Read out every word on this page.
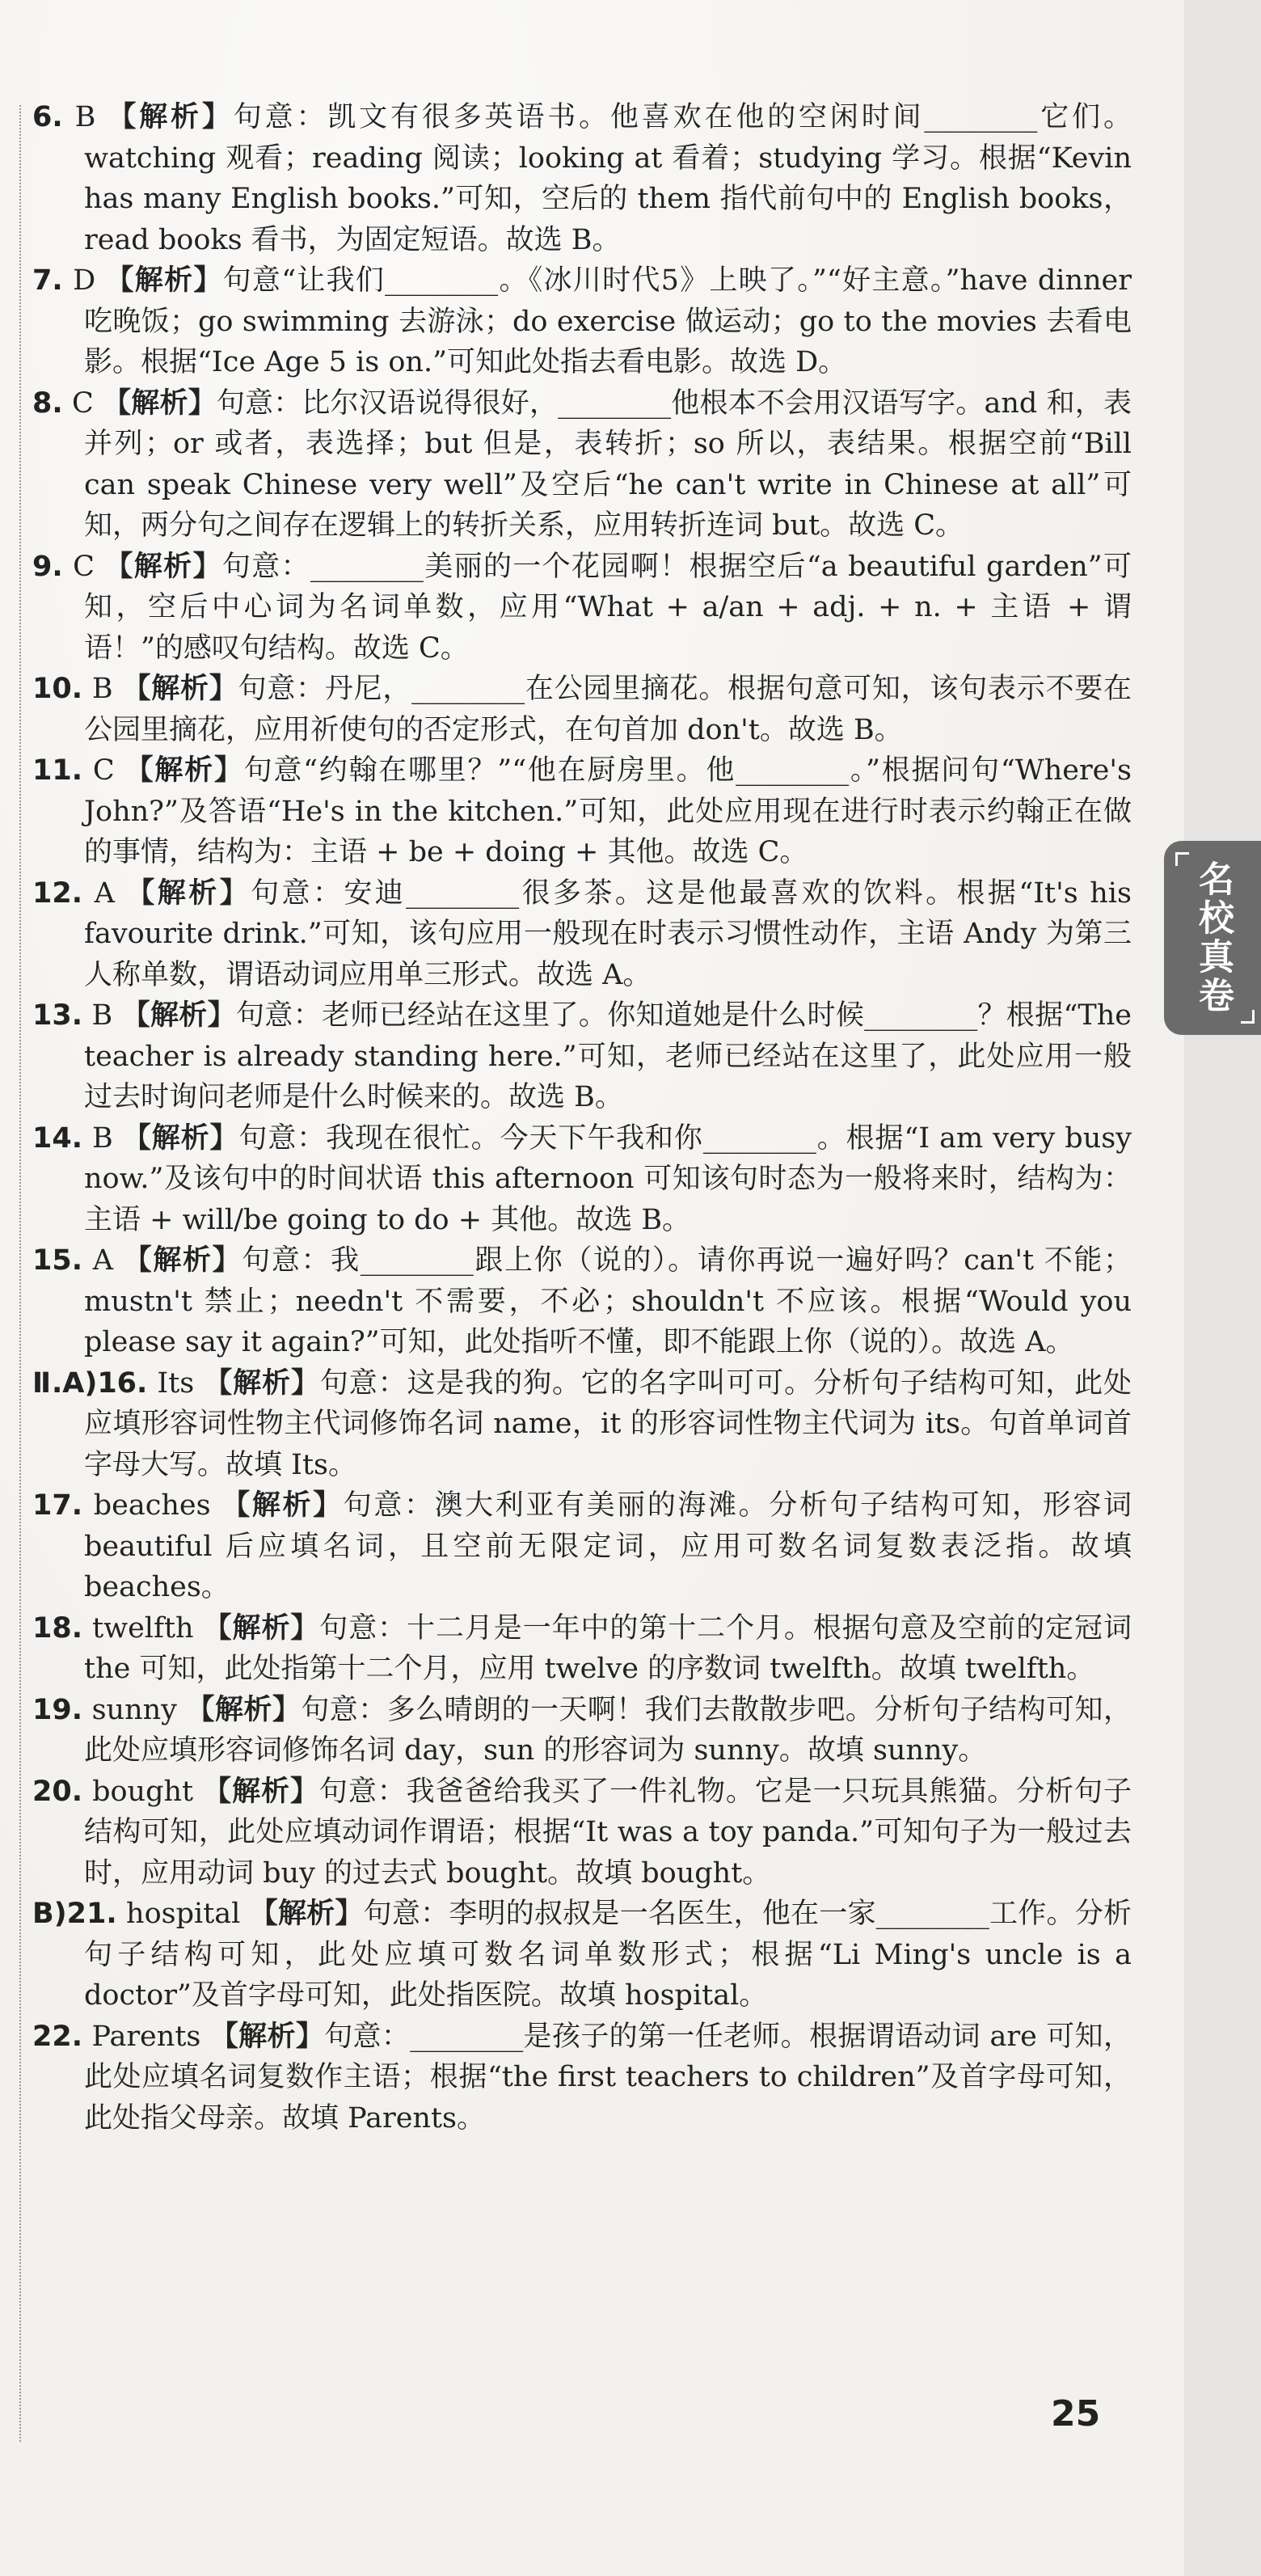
6. B 【解析】句意：凯文有很多英语书。他喜欢在他的空闲时间________它们。watching 观看；reading 阅读；looking at 看着；studying 学习。根据“Kevin has many English books.”可知，空后的 them 指代前句中的 English books，read books 看书，为固定短语。故选 B。

7. D 【解析】句意“让我们________。《冰川时代5》上映了。”“好主意。”have dinner 吃晚饭；go swimming 去游泳；do exercise 做运动；go to the movies 去看电影。根据“Ice Age 5 is on.”可知此处指去看电影。故选 D。

8. C 【解析】句意：比尔汉语说得很好，________他根本不会用汉语写字。and 和，表并列；or 或者，表选择；but 但是，表转折；so 所以，表结果。根据空前“Bill can speak Chinese very well”及空后“he can't write in Chinese at all”可知，两分句之间存在逻辑上的转折关系，应用转折连词 but。故选 C。

9. C 【解析】句意：________美丽的一个花园啊！根据空后“a beautiful garden”可知，空后中心词为名词单数，应用“What + a/an + adj. + n. + 主语 + 谓语！”的感叹句结构。故选 C。

10. B 【解析】句意：丹尼，________在公园里摘花。根据句意可知，该句表示不要在公园里摘花，应用祈使句的否定形式，在句首加 don't。故选 B。

11. C 【解析】句意“约翰在哪里？”“他在厨房里。他________。”根据问句“Where's John?”及答语“He's in the kitchen.”可知，此处应用现在进行时表示约翰正在做的事情，结构为：主语 + be + doing + 其他。故选 C。

12. A 【解析】句意：安迪________很多茶。这是他最喜欢的饮料。根据“It's his favourite drink.”可知，该句应用一般现在时表示习惯性动作，主语 Andy 为第三人称单数，谓语动词应用单三形式。故选 A。

13. B 【解析】句意：老师已经站在这里了。你知道她是什么时候________？根据“The teacher is already standing here.”可知，老师已经站在这里了，此处应用一般过去时询问老师是什么时候来的。故选 B。

14. B 【解析】句意：我现在很忙。今天下午我和你________。根据“I am very busy now.”及该句中的时间状语 this afternoon 可知该句时态为一般将来时，结构为：主语 + will/be going to do + 其他。故选 B。

15. A 【解析】句意：我________跟上你（说的）。请你再说一遍好吗？can't 不能；mustn't 禁止；needn't 不需要，不必；shouldn't 不应该。根据“Would you please say it again?”可知，此处指听不懂，即不能跟上你（说的）。故选 A。

Ⅱ.A)16. Its 【解析】句意：这是我的狗。它的名字叫可可。分析句子结构可知，此处应填形容词性物主代词修饰名词 name，it 的形容词性物主代词为 its。句首单词首字母大写。故填 Its。

17. beaches 【解析】句意：澳大利亚有美丽的海滩。分析句子结构可知，形容词 beautiful 后应填名词，且空前无限定词，应用可数名词复数表泛指。故填 beaches。

18. twelfth 【解析】句意：十二月是一年中的第十二个月。根据句意及空前的定冠词 the 可知，此处指第十二个月，应用 twelve 的序数词 twelfth。故填 twelfth。

19. sunny 【解析】句意：多么晴朗的一天啊！我们去散散步吧。分析句子结构可知，此处应填形容词修饰名词 day，sun 的形容词为 sunny。故填 sunny。

20. bought 【解析】句意：我爸爸给我买了一件礼物。它是一只玩具熊猫。分析句子结构可知，此处应填动词作谓语；根据“It was a toy panda.”可知句子为一般过去时，应用动词 buy 的过去式 bought。故填 bought。

B)21. hospital 【解析】句意：李明的叔叔是一名医生，他在一家________工作。分析句子结构可知，此处应填可数名词单数形式；根据“Li Ming's uncle is a doctor”及首字母可知，此处指医院。故填 hospital。

22. Parents 【解析】句意：________是孩子的第一任老师。根据谓语动词 are 可知，此处应填名词复数作主语；根据“the first teachers to children”及首字母可知，此处指父母亲。故填 Parents。

名校真卷
25
